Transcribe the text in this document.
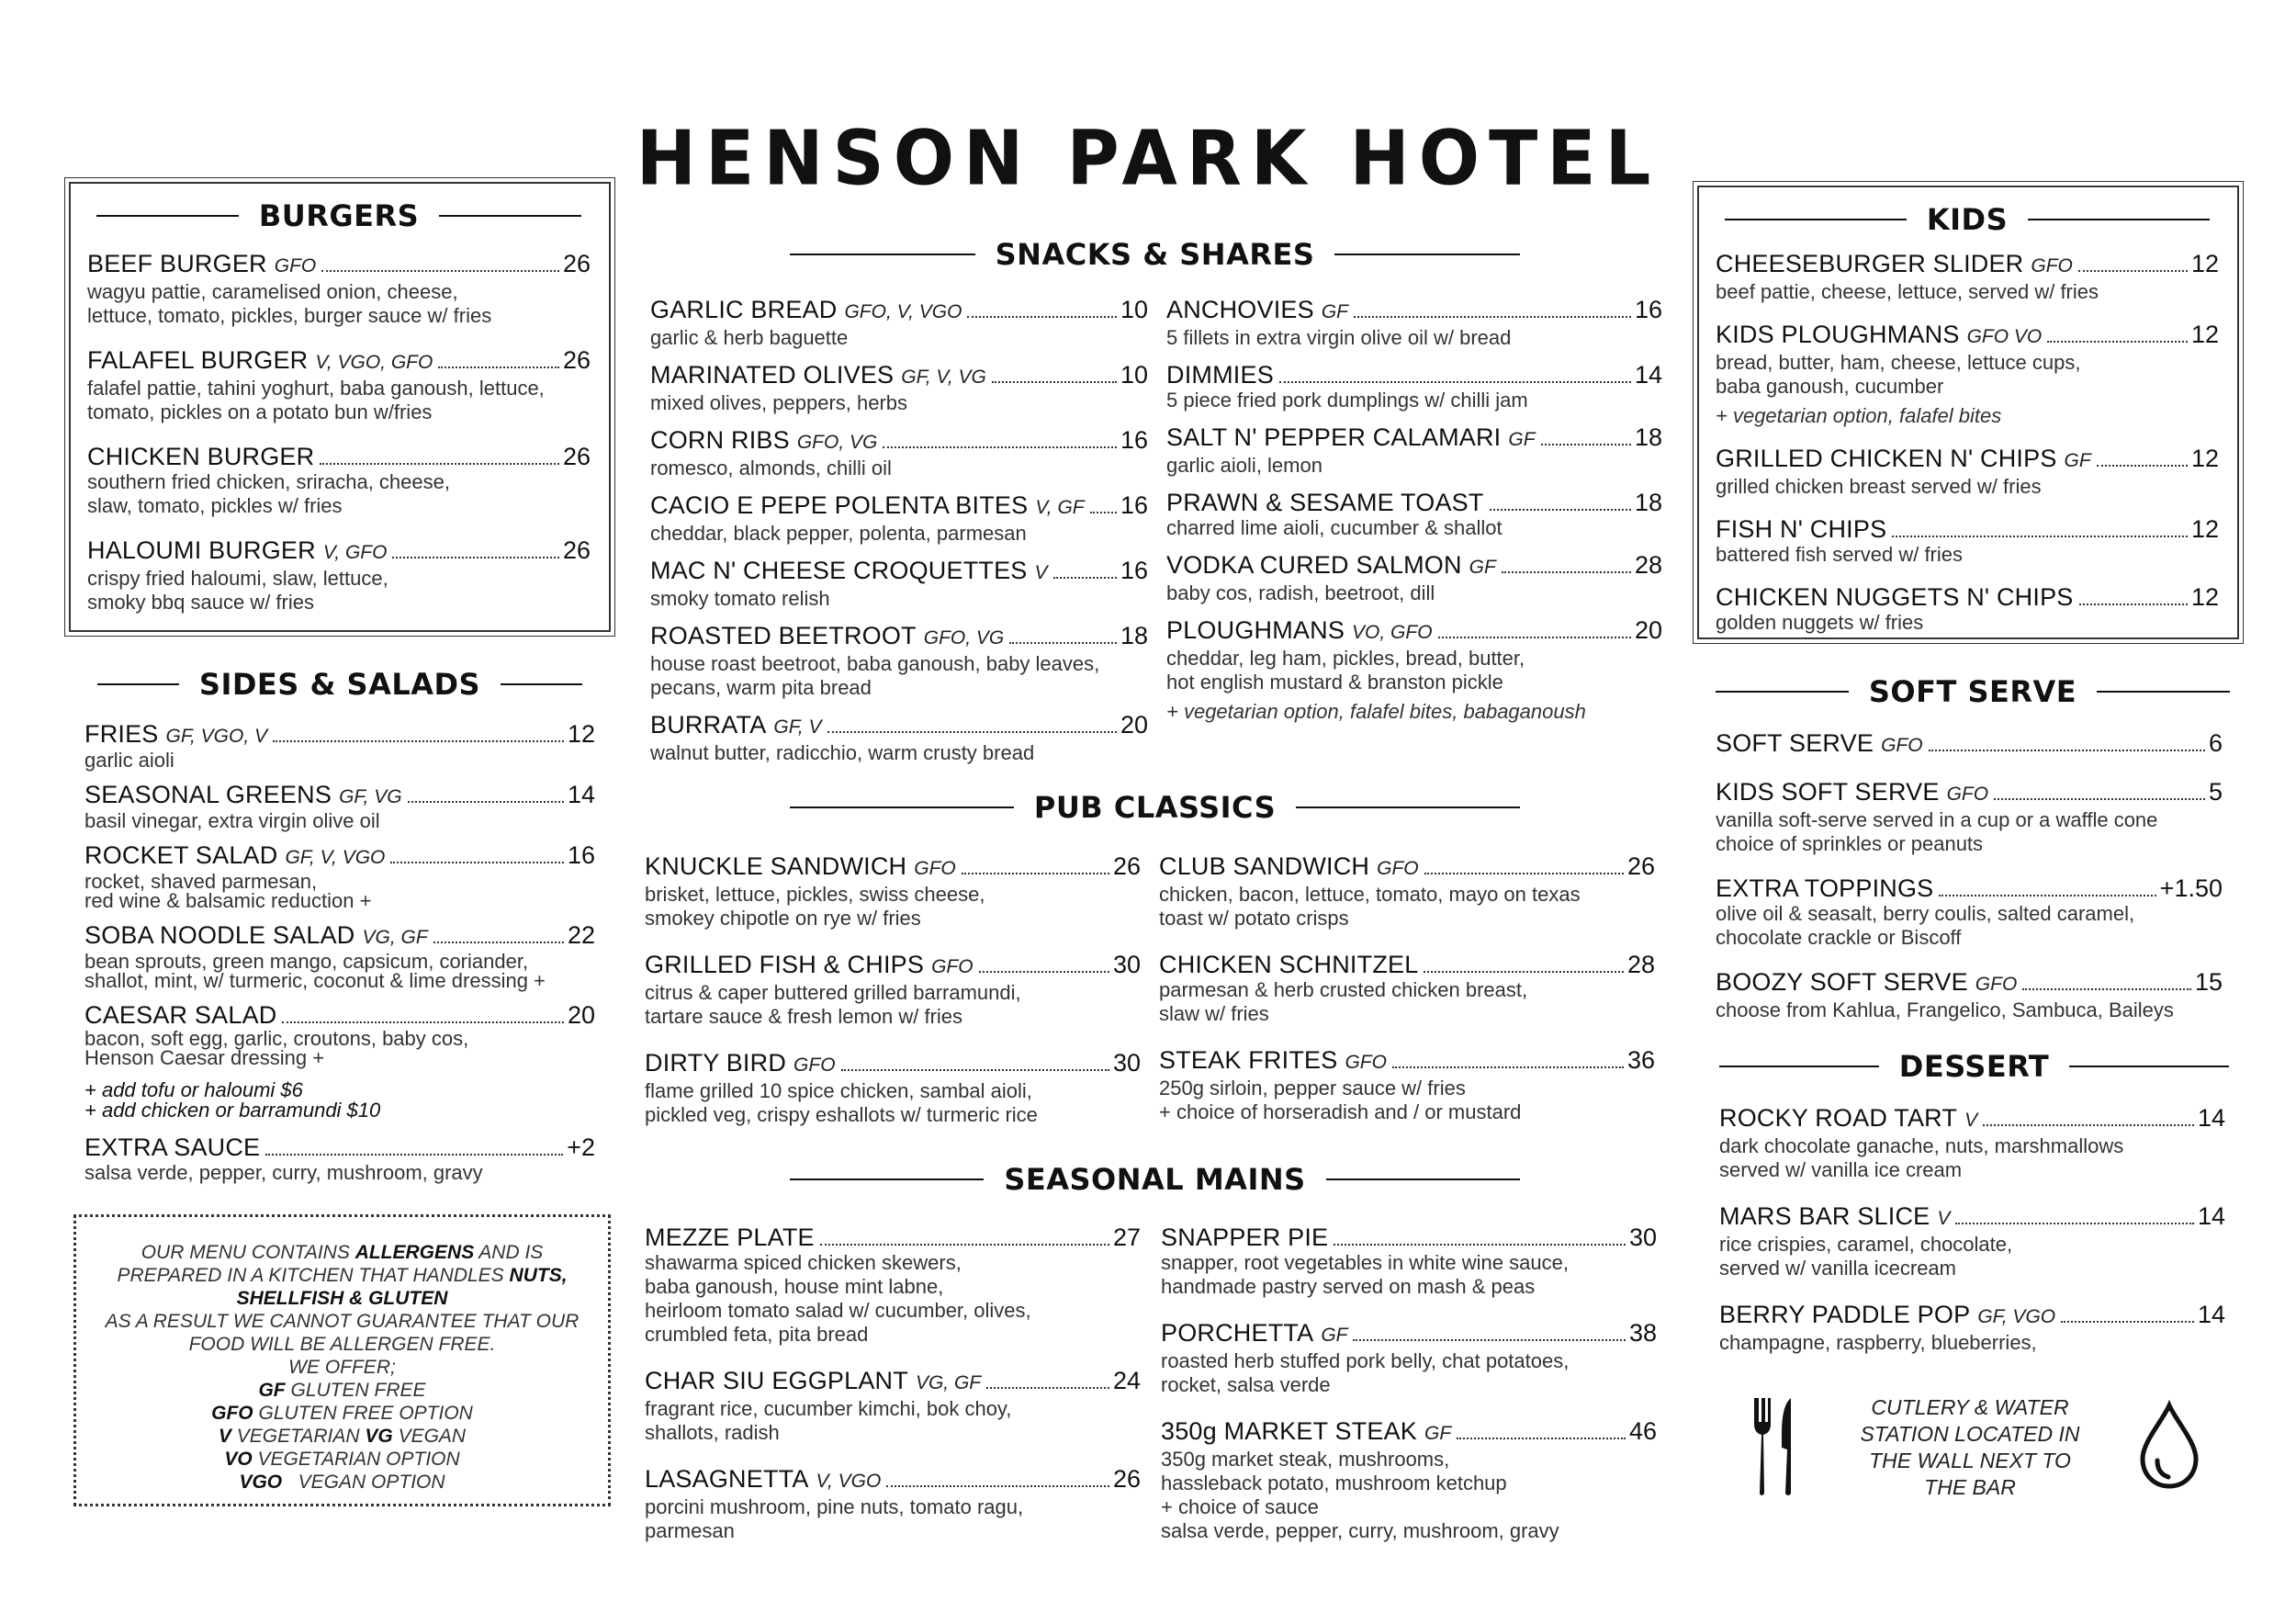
HENSON PARK HOTEL
BURGERS
BEEF BURGER GFO	26
wagyu pattie, caramelised onion, cheese,
lettuce, tomato, pickles, burger sauce w/ fries
FALAFEL BURGER V, VGO, GFO	26
falafel pattie, tahini yoghurt, baba ganoush, lettuce,
tomato, pickles on a potato bun w/fries
CHICKEN BURGER	26
southern fried chicken, sriracha, cheese,
slaw, tomato, pickles w/ fries
HALOUMI BURGER V, GFO	26
crispy fried haloumi, slaw, lettuce,
smoky bbq sauce w/ fries
SIDES & SALADS
FRIES GF, VGO, V	12
garlic aioli
SEASONAL GREENS GF, VG	14
basil vinegar, extra virgin olive oil
ROCKET SALAD GF, V, VGO	16
rocket, shaved parmesan,
red wine & balsamic reduction +
SOBA NOODLE SALAD VG, GF	22
bean sprouts, green mango, capsicum, coriander,
shallot, mint, w/ turmeric, coconut & lime dressing +
CAESAR SALAD	20
bacon, soft egg, garlic, croutons, baby cos,
Henson Caesar dressing +
+ add tofu or haloumi $6
+ add chicken or barramundi $10
EXTRA SAUCE	+2
salsa verde, pepper, curry, mushroom, gravy
OUR MENU CONTAINS ALLERGENS AND IS
PREPARED IN A KITCHEN THAT HANDLES NUTS,
SHELLFISH & GLUTEN
AS A RESULT WE CANNOT GUARANTEE THAT OUR
FOOD WILL BE ALLERGEN FREE.
WE OFFER;
GF GLUTEN FREE
GFO GLUTEN FREE OPTION
V VEGETARIAN VG VEGAN
VO VEGETARIAN OPTION
VGO VEGAN OPTION
SNACKS & SHARES
GARLIC BREAD GFO, V, VGO	10
garlic & herb baguette
MARINATED OLIVES GF, V, VG	10
mixed olives, peppers, herbs
CORN RIBS GFO, VG	16
romesco, almonds, chilli oil
CACIO E PEPE POLENTA BITES V, GF 16
cheddar, black pepper, polenta, parmesan
MAC N' CHEESE CROQUETTES V	16
smoky tomato relish
ROASTED BEETROOT GFO, VG	18
house roast beetroot, baba ganoush, baby leaves,
pecans, warm pita bread
BURRATA GF, V	20
walnut butter, radicchio, warm crusty bread
ANCHOVIES GF	16
5 fillets in extra virgin olive oil w/ bread
DIMMIES	14
5 piece fried pork dumplings w/ chilli jam
SALT N' PEPPER CALAMARI GF	18
garlic aioli, lemon
PRAWN & SESAME TOAST	18
charred lime aioli, cucumber & shallot
VODKA CURED SALMON GF	28
baby cos, radish, beetroot, dill
PLOUGHMANS VO, GFO	20
cheddar, leg ham, pickles, bread, butter,
hot english mustard & branston pickle
+ vegetarian option, falafel bites, babaganoush
PUB CLASSICS
KNUCKLE SANDWICH GFO	26
brisket, lettuce, pickles, swiss cheese,
smokey chipotle on rye w/ fries
GRILLED FISH & CHIPS GFO	30
citrus & caper buttered grilled barramundi,
tartare sauce & fresh lemon w/ fries
DIRTY BIRD GFO	30
flame grilled 10 spice chicken, sambal aioli,
pickled veg, crispy eshallots w/ turmeric rice
CLUB SANDWICH GFO	26
chicken, bacon, lettuce, tomato, mayo on texas
toast w/ potato crisps
CHICKEN SCHNITZEL	28
parmesan & herb crusted chicken breast,
slaw w/ fries
STEAK FRITES GFO	36
250g sirloin, pepper sauce w/ fries
+ choice of horseradish and / or mustard
SEASONAL MAINS
MEZZE PLATE	27
shawarma spiced chicken skewers,
baba ganoush, house mint labne,
heirloom tomato salad w/ cucumber, olives,
crumbled feta, pita bread
CHAR SIU EGGPLANT VG, GF	24
fragrant rice, cucumber kimchi, bok choy,
shallots, radish
LASAGNETTA V, VGO	26
porcini mushroom, pine nuts, tomato ragu,
parmesan
SNAPPER PIE	30
snapper, root vegetables in white wine sauce,
handmade pastry served on mash & peas
PORCHETTA GF	38
roasted herb stuffed pork belly, chat potatoes,
rocket, salsa verde
350g MARKET STEAK GF	46
350g market steak, mushrooms,
hassleback potato, mushroom ketchup
+ choice of sauce
salsa verde, pepper, curry, mushroom, gravy
KIDS
CHEESEBURGER SLIDER GFO	12
beef pattie, cheese, lettuce, served w/ fries
KIDS PLOUGHMANS GFO VO	12
bread, butter, ham, cheese, lettuce cups,
baba ganoush, cucumber
+ vegetarian option, falafel bites
GRILLED CHICKEN N' CHIPS GF	12
grilled chicken breast served w/ fries
FISH N' CHIPS	12
battered fish served w/ fries
CHICKEN NUGGETS N' CHIPS	12
golden nuggets w/ fries
SOFT SERVE
SOFT SERVE GFO	6
KIDS SOFT SERVE GFO	5
vanilla soft-serve served in a cup or a waffle cone
choice of sprinkles or peanuts
EXTRA TOPPINGS	+1.50
olive oil & seasalt, berry coulis, salted caramel,
chocolate crackle or Biscoff
BOOZY SOFT SERVE GFO	15
choose from Kahlua, Frangelico, Sambuca, Baileys
DESSERT
ROCKY ROAD TART V	14
dark chocolate ganache, nuts, marshmallows
served w/ vanilla ice cream
MARS BAR SLICE V	14
rice crispies, caramel, chocolate,
served w/ vanilla icecream
BERRY PADDLE POP GF, VGO	14
champagne, raspberry, blueberries,
CUTLERY & WATER
STATION LOCATED IN
THE WALL NEXT TO
THE BAR
